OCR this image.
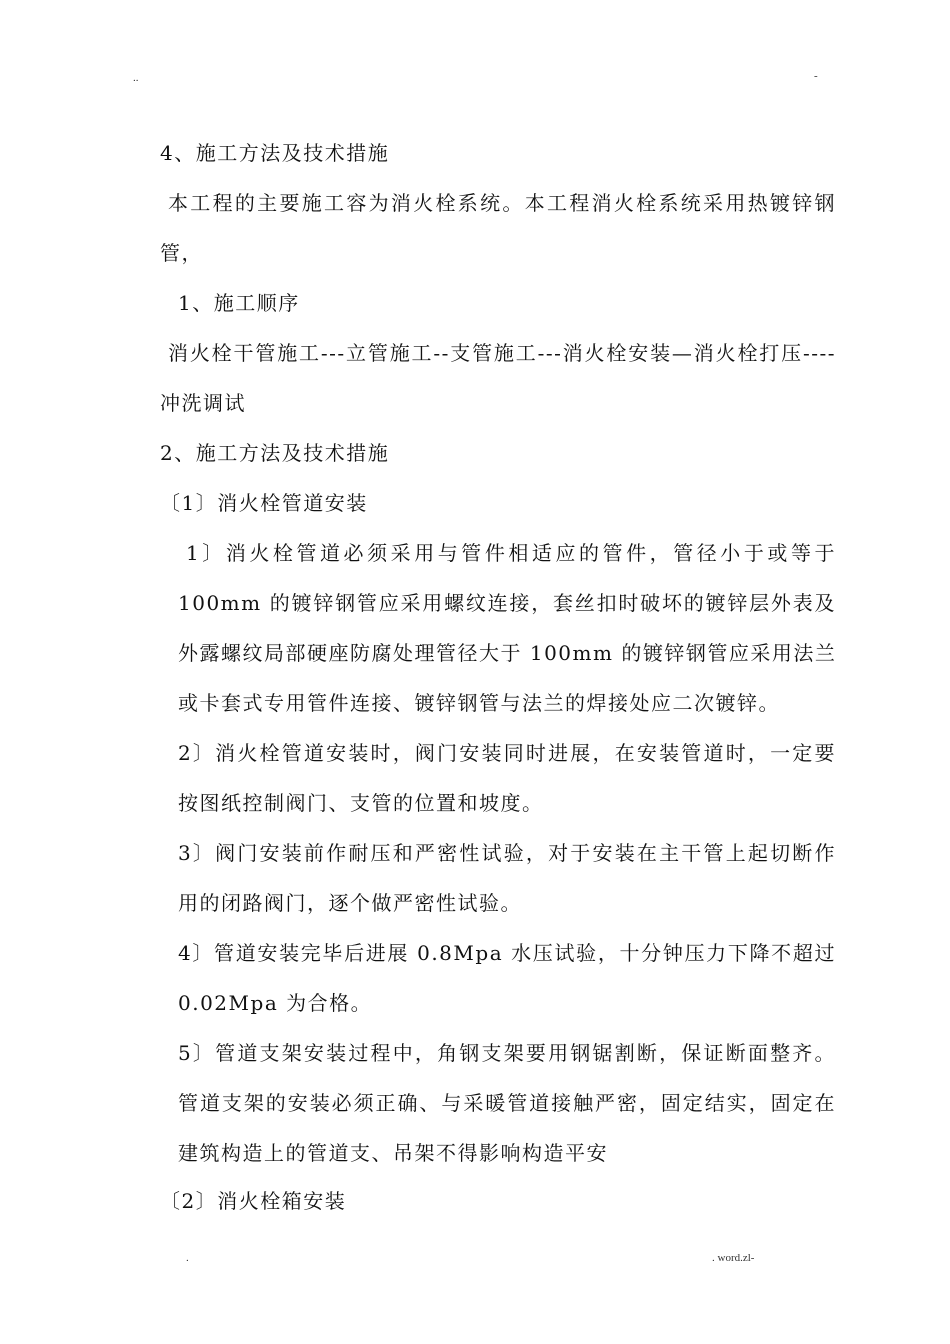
..	-

4、施工方法及技术措施

本工程的主要施工容为消火栓系统。本工程消火栓系统采用热镀锌钢

管，

1、施工顺序

消火栓干管施工---立管施工--支管施工---消火栓安装—消火栓打压----

冲洗调试

2、施工方法及技术措施

〔1〕消火栓管道安装

1〕消火栓管道必须采用与管件相适应的管件，管径小于或等于

100mm 的镀锌钢管应采用螺纹连接，套丝扣时破坏的镀锌层外表及

外露螺纹局部硬座防腐处理管径大于 100mm 的镀锌钢管应采用法兰

或卡套式专用管件连接、镀锌钢管与法兰的焊接处应二次镀锌。

2〕消火栓管道安装时，阀门安装同时进展，在安装管道时，一定要

按图纸控制阀门、支管的位置和坡度。

3〕阀门安装前作耐压和严密性试验，对于安装在主干管上起切断作

用的闭路阀门，逐个做严密性试验。

4〕管道安装完毕后进展 0.8Mpa 水压试验，十分钟压力下降不超过

0.02Mpa 为合格。

5〕管道支架安装过程中，角钢支架要用钢锯割断，保证断面整齐。

管道支架的安装必须正确、与采暖管道接触严密，固定结实，固定在

建筑构造上的管道支、吊架不得影响构造平安

〔2〕消火栓箱安装

.	. word.zl-
